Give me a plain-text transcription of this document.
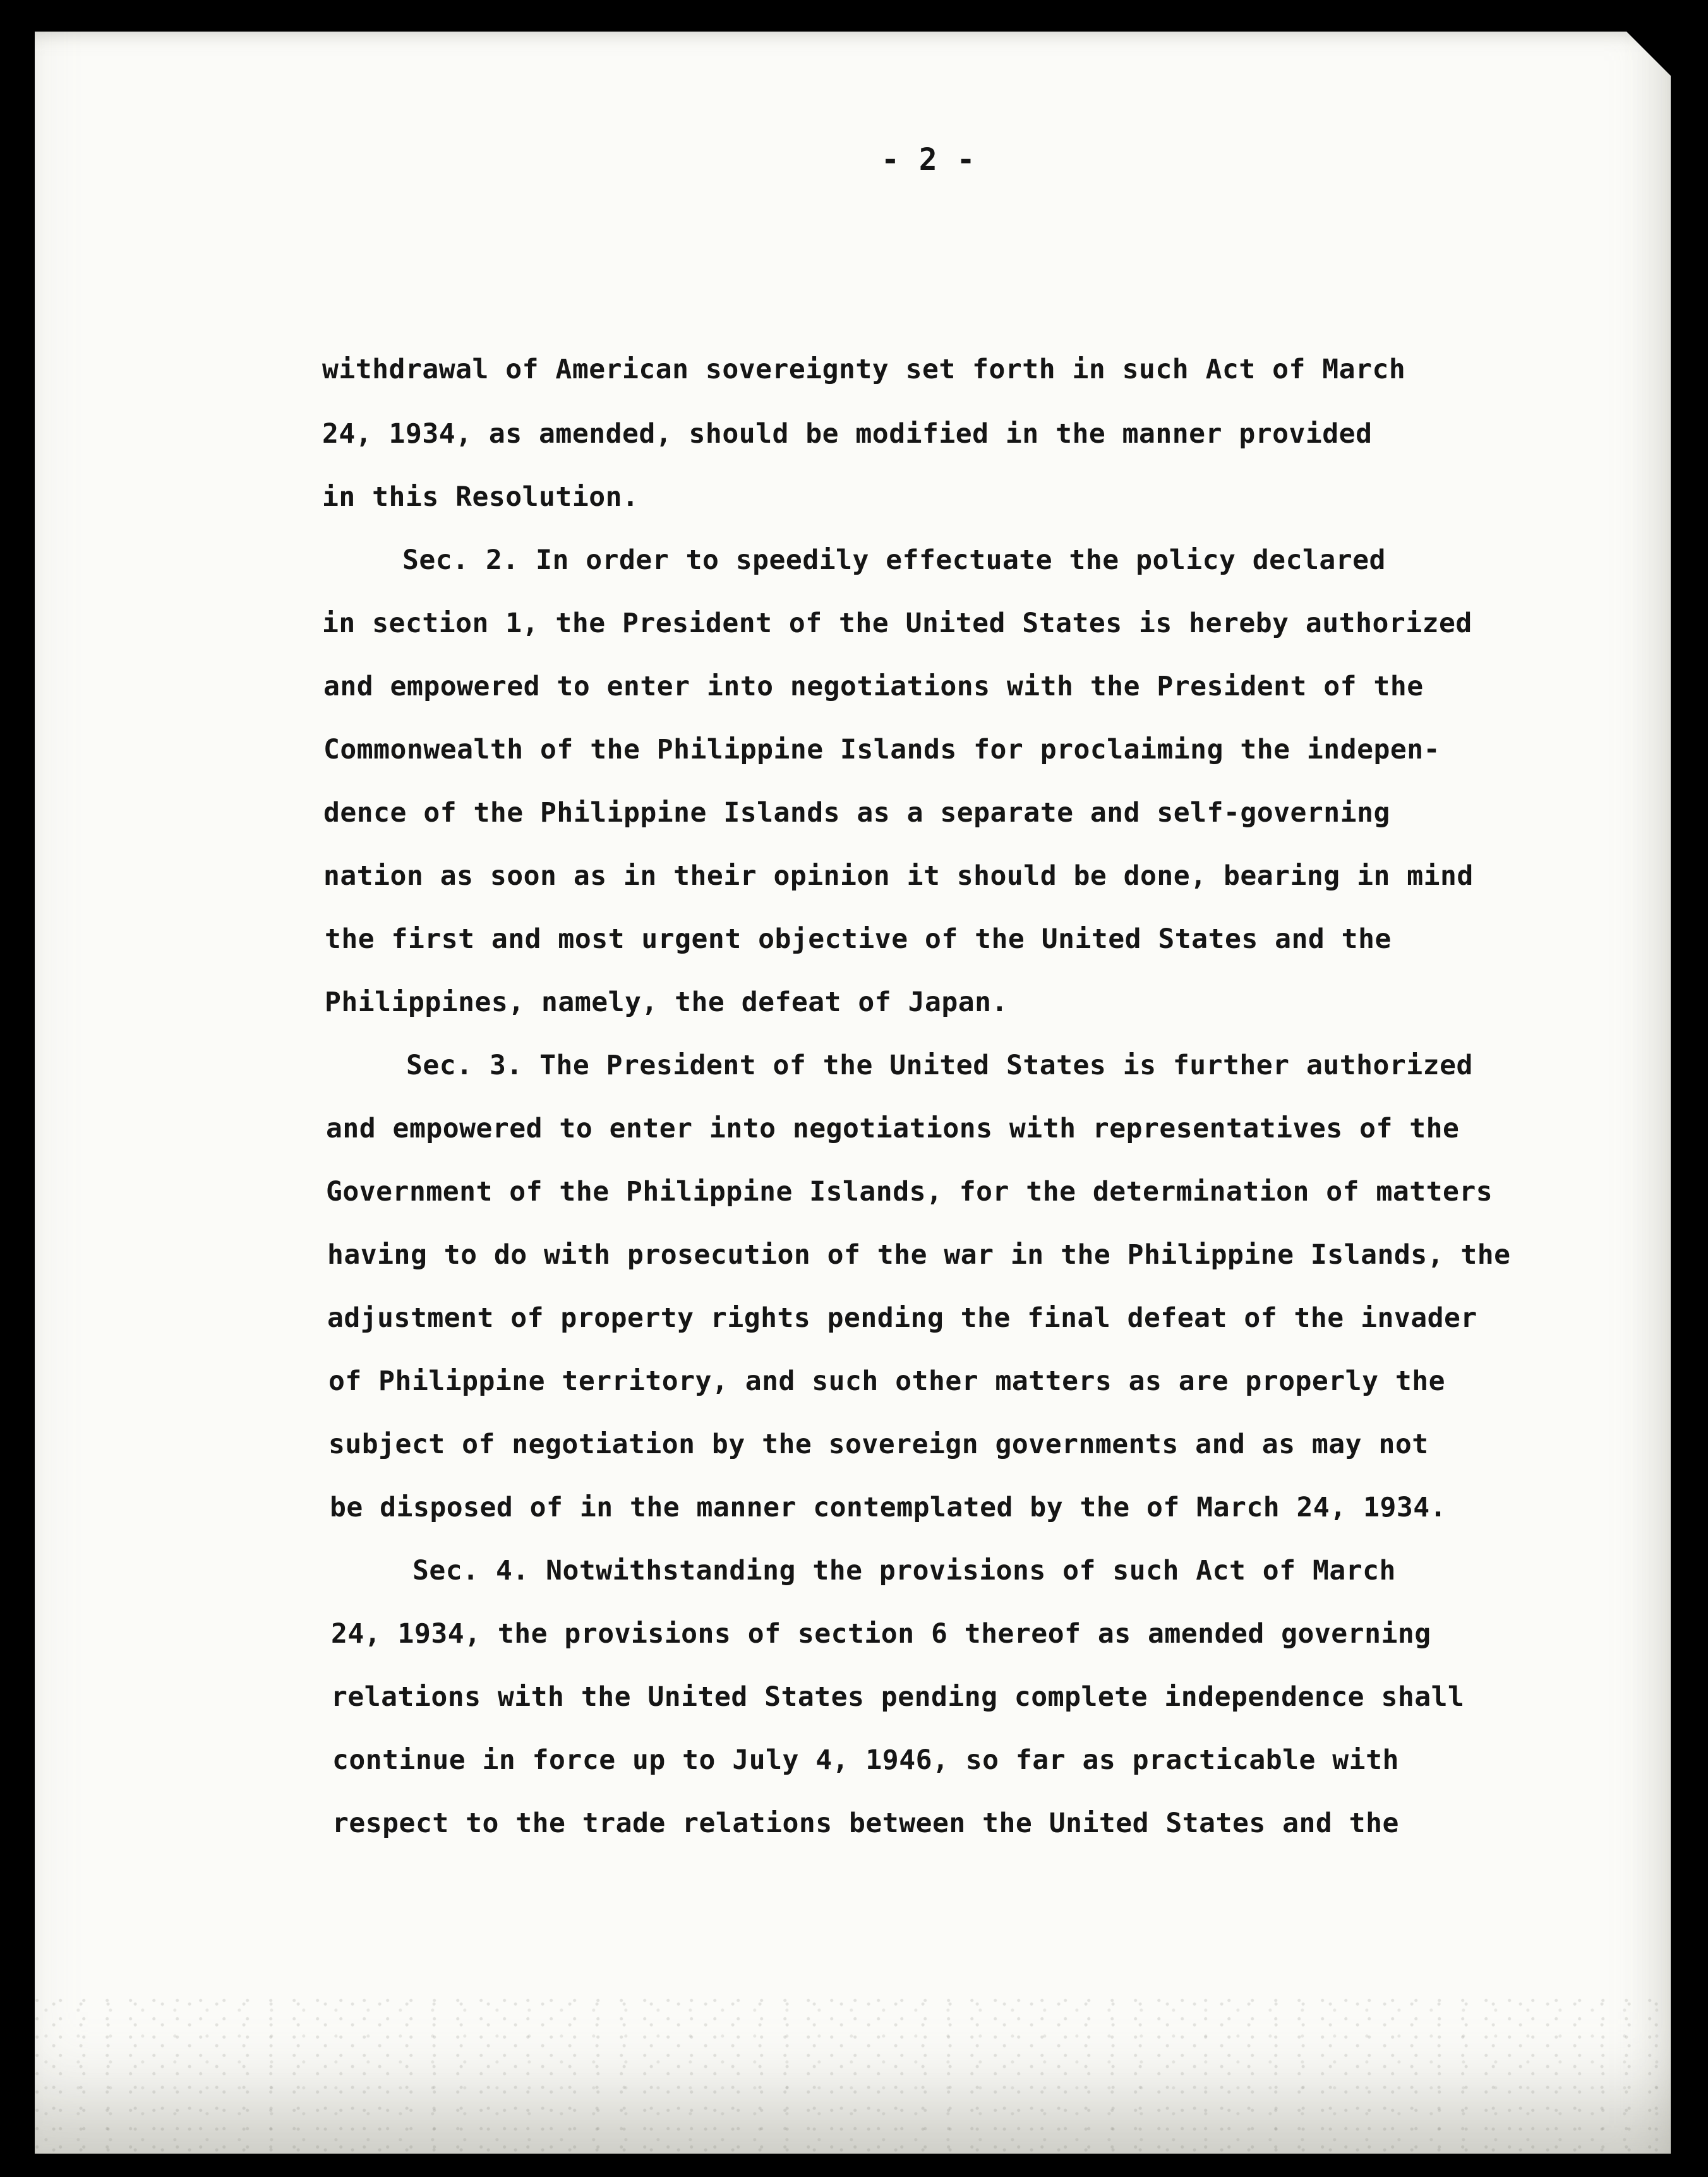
- 2 -
withdrawal of American sovereignty set forth in such Act of March
24, 1934, as amended, should be modified in the manner provided
in this Resolution.
Sec. 2. In order to speedily effectuate the policy declared
in section 1, the President of the United States is hereby authorized
and empowered to enter into negotiations with the President of the
Commonwealth of the Philippine Islands for proclaiming the indepen-
dence of the Philippine Islands as a separate and self-governing
nation as soon as in their opinion it should be done, bearing in mind
the first and most urgent objective of the United States and the
Philippines, namely, the defeat of Japan.
Sec. 3. The President of the United States is further authorized
and empowered to enter into negotiations with representatives of the
Government of the Philippine Islands, for the determination of matters
having to do with prosecution of the war in the Philippine Islands, the
adjustment of property rights pending the final defeat of the invader
of Philippine territory, and such other matters as are properly the
subject of negotiation by the sovereign governments and as may not
be disposed of in the manner contemplated by the of March 24, 1934.
Sec. 4. Notwithstanding the provisions of such Act of March
24, 1934, the provisions of section 6 thereof as amended governing
relations with the United States pending complete independence shall
continue in force up to July 4, 1946, so far as practicable with
respect to the trade relations between the United States and the
